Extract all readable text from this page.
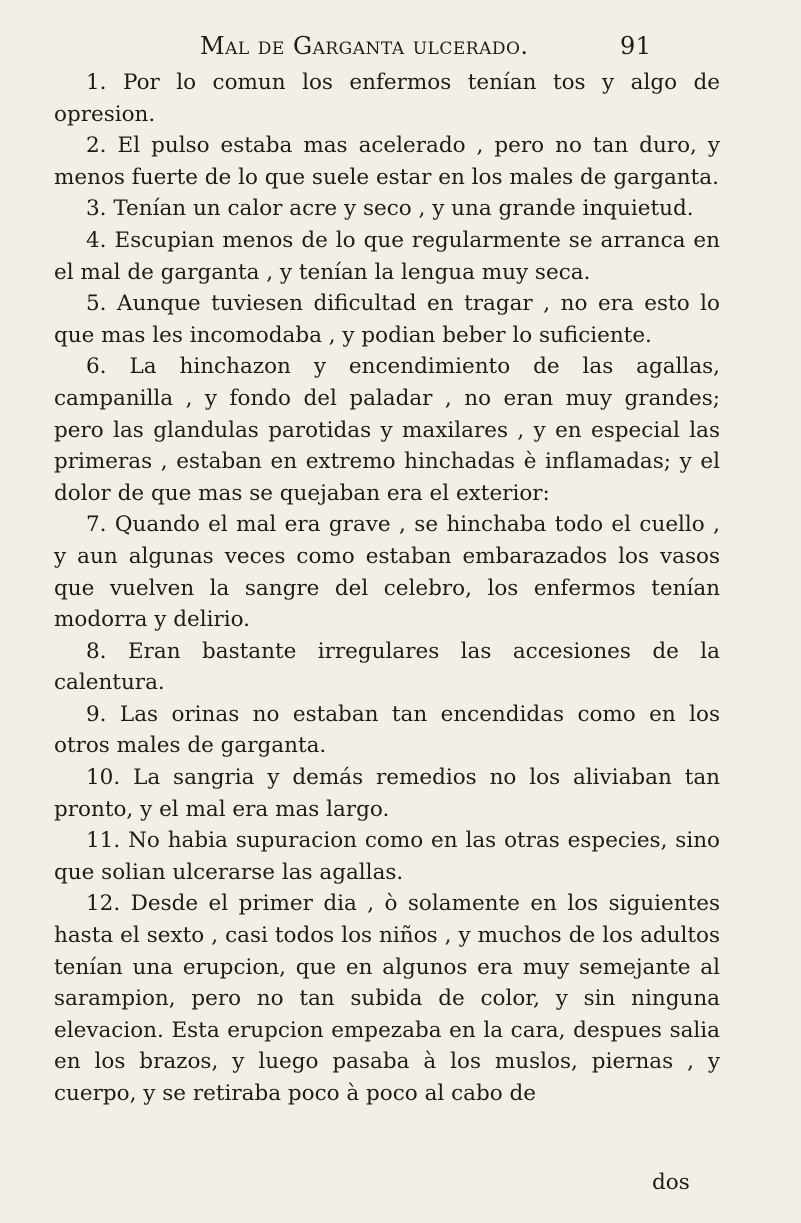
Mal de Garganta ulcerado.	91

1. Por lo comun los enfermos tenían tos y algo de opresion.

2. El pulso estaba mas acelerado , pero no tan duro, y menos fuerte de lo que suele estar en los males de garganta.

3. Tenían un calor acre y seco , y una grande inquietud.

4. Escupian menos de lo que regularmente se arranca en el mal de garganta , y tenían la lengua muy seca.

5. Aunque tuviesen dificultad en tragar , no era esto lo que mas les incomodaba , y podian beber lo suficiente.

6. La hinchazon y encendimiento de las agallas, campanilla , y fondo del paladar , no eran muy grandes; pero las glandulas parotidas y maxilares , y en especial las primeras , estaban en extremo hinchadas è inflamadas; y el dolor de que mas se quejaban era el exterior:

7. Quando el mal era grave , se hinchaba todo el cuello , y aun algunas veces como estaban embarazados los vasos que vuelven la sangre del celebro, los enfermos tenían modorra y delirio.

8. Eran bastante irregulares las accesiones de la calentura.

9. Las orinas no estaban tan encendidas como en los otros males de garganta.

10. La sangria y demás remedios no los aliviaban tan pronto, y el mal era mas largo.

11. No habia supuracion como en las otras especies, sino que solian ulcerarse las agallas.

12. Desde el primer dia , ò solamente en los siguientes hasta el sexto , casi todos los niños , y muchos de los adultos tenían una erupcion, que en algunos era muy semejante al sarampion, pero no tan subida de color, y sin ninguna elevacion. Esta erupcion empezaba en la cara, despues salia en los brazos, y luego pasaba à los muslos, piernas , y cuerpo, y se retiraba poco à poco al cabo de

dos
